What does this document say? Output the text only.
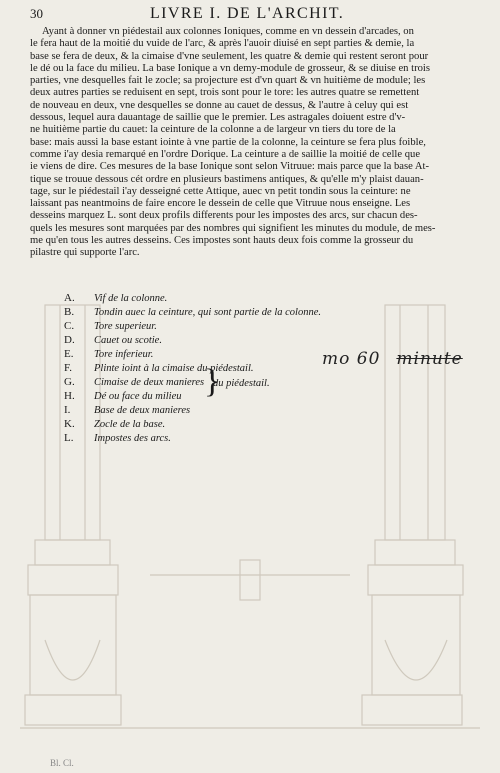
30	LIVRE I. DE L'ARCHIT.
Ayant à donner vn piédestail aux colonnes Ioniques, comme en vn dessein d'arcades, on
le fera haut de la moitié du vuide de l'arc, & après l'auoir diuisé en sept parties & demie, la
base se fera de deux, & la cimaise d'vne seulement, les quatre & demie qui restent seront pour
le dé ou la face du milieu. La base Ionique a vn demy-module de grosseur, & se diuise en trois
parties, vne desquelles fait le zocle; sa projecture est d'vn quart & vn huitième de module; les
deux autres parties se reduisent en sept, trois sont pour le tore: les autres quatre se remettent
de nouveau en deux, vne desquelles se donne au cauet de dessus, & l'autre à celuy qui est
dessous, lequel aura dauantage de saillie que le premier. Les astragales doiuent estre d'v-
ne huitième partie du cauet: la ceinture de la colonne a de largeur vn tiers du tore de la
base: mais aussi la base estant iointe à vne partie de la colonne, la ceinture se fera plus foible,
comme i'ay desia remarqué en l'ordre Dorique. La ceinture a de saillie la moitié de celle que
ie viens de dire. Ces mesures de la base Ionique sont selon Vitruue: mais parce que la base At-
tique se trouue dessous cét ordre en plusieurs bastimens antiques, & qu'elle m'y plaist dauan-
tage, sur le piédestail i'ay desseigné cette Attique, auec vn petit tondin sous la ceinture: ne
laissant pas neantmoins de faire encore le dessein de celle que Vitruue nous enseigne. Les
desseins marquez L. sont deux profils differents pour les impostes des arcs, sur chacun des-
quels les mesures sont marquées par des nombres qui signifient les minutes du module, de mes-
me qu'en tous les autres desseins. Ces impostes sont hauts deux fois comme la grosseur du
pilastre qui supporte l'arc.
A. Vif de la colonne.
B. Tondin auec la ceinture, qui sont partie de la colonne.
C. Tore superieur.
D. Cauet ou scotie.
E. Tore inferieur.
F. Plinte ioint à la cimaise du piédestail.
G. Cimaise de deux manieres
H. Dé ou face du milieu
I. Base de deux manieres
K. Zocle de la base.
L. Impostes des arcs.
}
du piédestail.
mo 60 minute
Bl. Cl.
